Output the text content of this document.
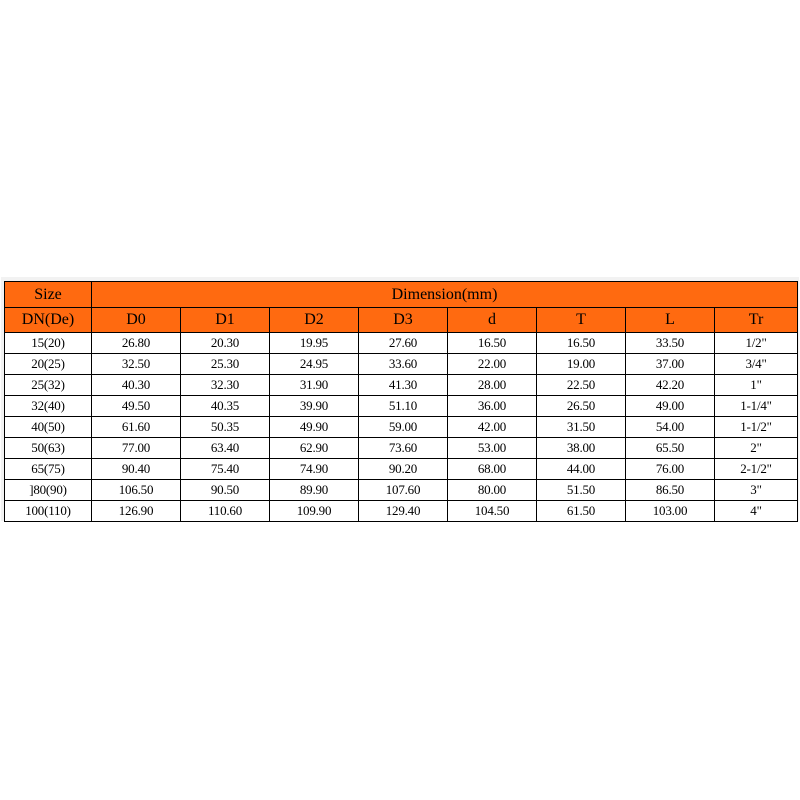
Size	Dimension(mm)							
DN(De)	D0	D1	D2	D3	d	T	L	Tr
15(20)	26.80	20.30	19.95	27.60	16.50	16.50	33.50	1/2"
20(25)	32.50	25.30	24.95	33.60	22.00	19.00	37.00	3/4"
25(32)	40.30	32.30	31.90	41.30	28.00	22.50	42.20	1"
32(40)	49.50	40.35	39.90	51.10	36.00	26.50	49.00	1-1/4"
40(50)	61.60	50.35	49.90	59.00	42.00	31.50	54.00	1-1/2"
50(63)	77.00	63.40	62.90	73.60	53.00	38.00	65.50	2"
65(75)	90.40	75.40	74.90	90.20	68.00	44.00	76.00	2-1/2"
]80(90)	106.50	90.50	89.90	107.60	80.00	51.50	86.50	3"
100(110)	126.90	110.60	109.90	129.40	104.50	61.50	103.00	4"
